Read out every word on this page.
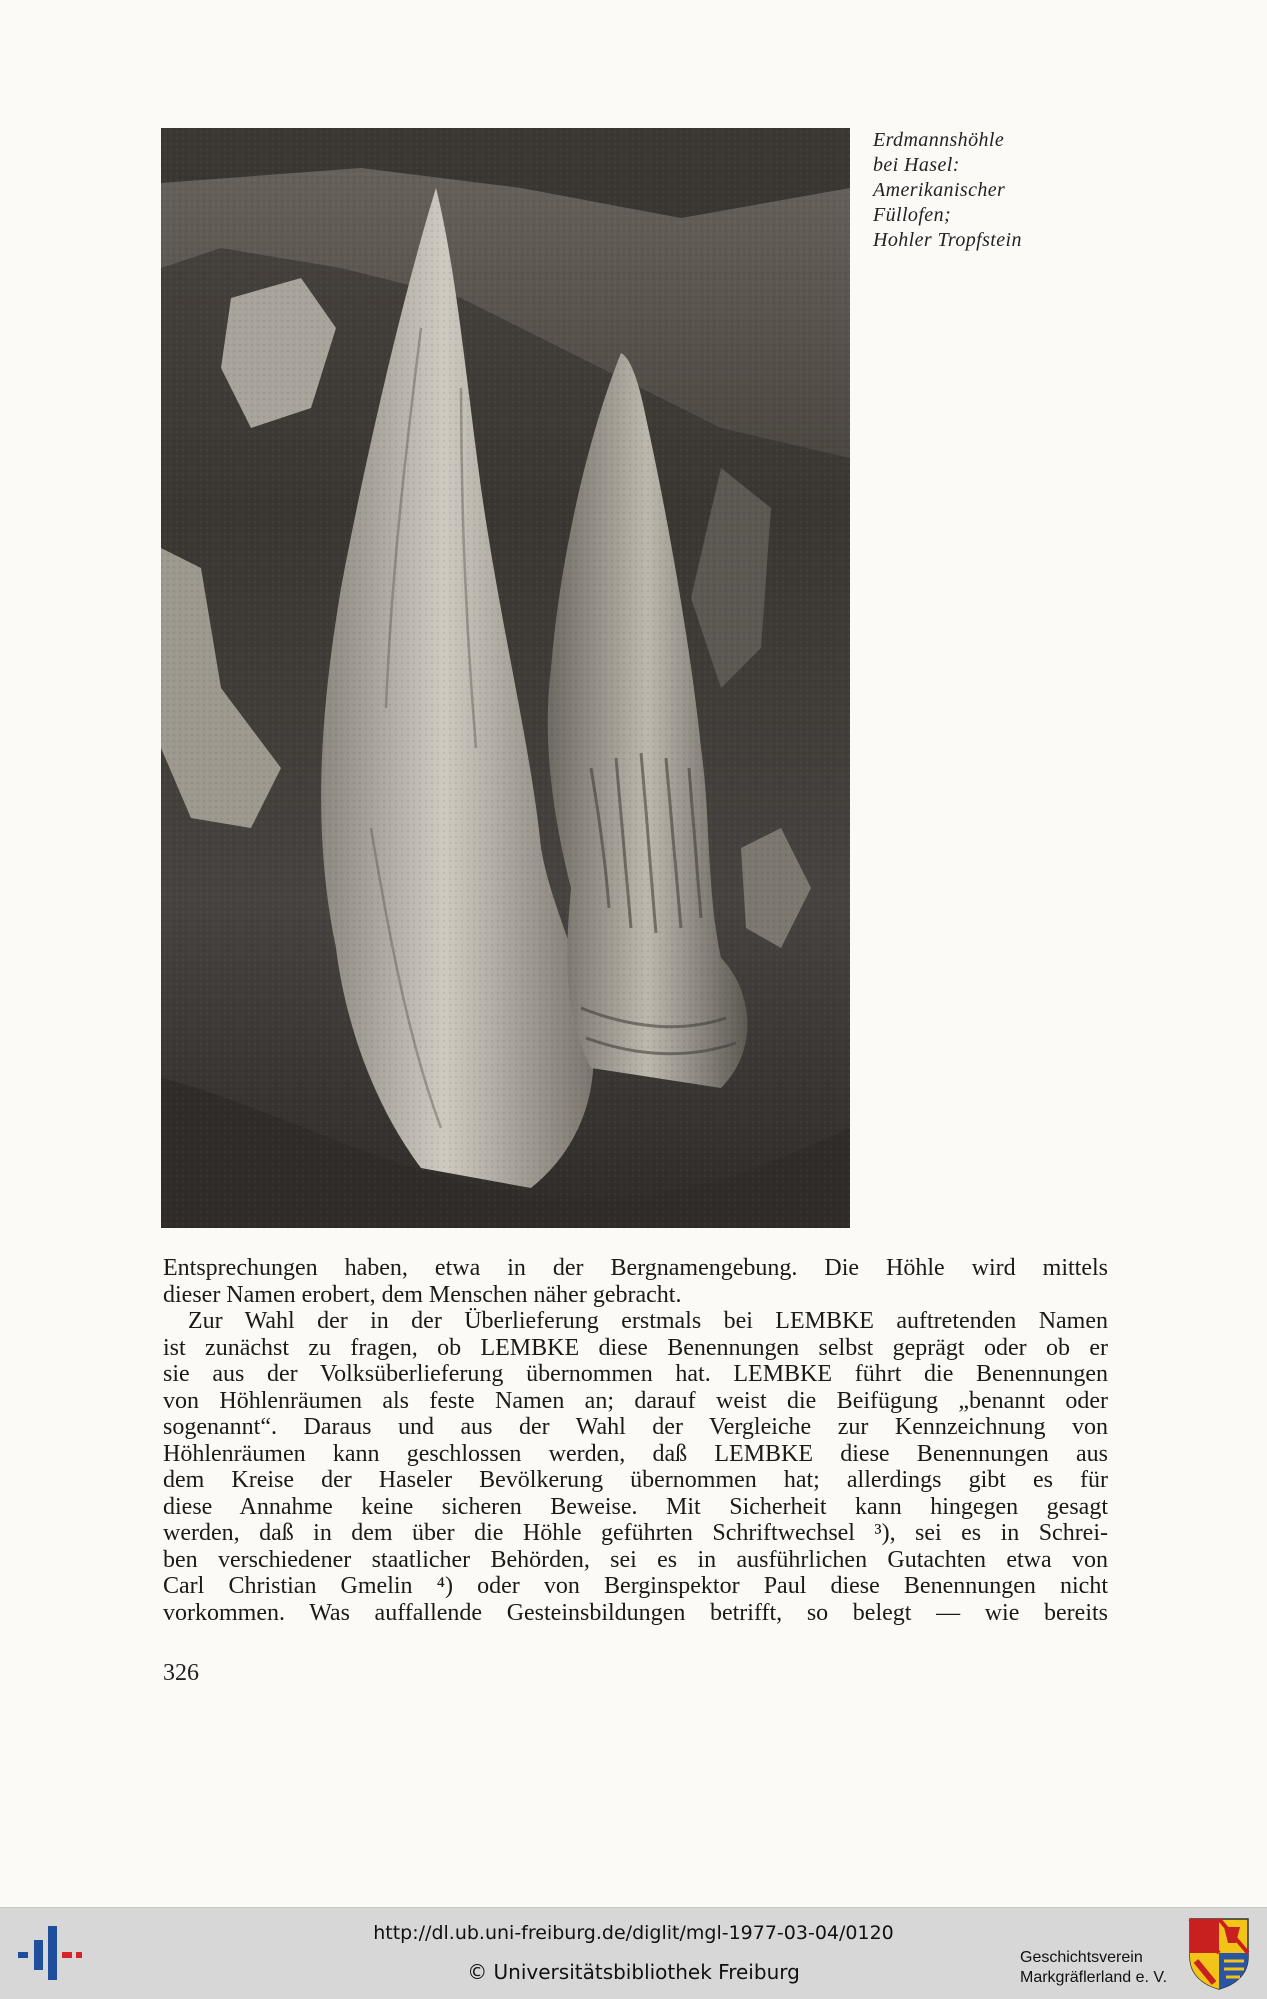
Erdmannshöhle
bei Hasel:
Amerikanischer
Füllofen;
Hohler Tropfstein
Entsprechungen haben, etwa in der Bergnamengebung. Die Höhle wird mittels
dieser Namen erobert, dem Menschen näher gebracht.
Zur Wahl der in der Überlieferung erstmals bei LEMBKE auftretenden Namen
ist zunächst zu fragen, ob LEMBKE diese Benennungen selbst geprägt oder ob er
sie aus der Volksüberlieferung übernommen hat. LEMBKE führt die Benennungen
von Höhlenräumen als feste Namen an; darauf weist die Beifügung „benannt oder
sogenannt“. Daraus und aus der Wahl der Vergleiche zur Kennzeichnung von
Höhlenräumen kann geschlossen werden, daß LEMBKE diese Benennungen aus
dem Kreise der Haseler Bevölkerung übernommen hat; allerdings gibt es für
diese Annahme keine sicheren Beweise. Mit Sicherheit kann hingegen gesagt
werden, daß in dem über die Höhle geführten Schriftwechsel ³), sei es in Schrei-
ben verschiedener staatlicher Behörden, sei es in ausführlichen Gutachten etwa von
Carl Christian Gmelin ⁴) oder von Berginspektor Paul diese Benennungen nicht
vorkommen. Was auffallende Gesteinsbildungen betrifft, so belegt — wie bereits
326
http://dl.ub.uni-freiburg.de/diglit/mgl-1977-03-04/0120
© Universitätsbibliothek Freiburg
Geschichtsverein
Markgräflerland e. V.
